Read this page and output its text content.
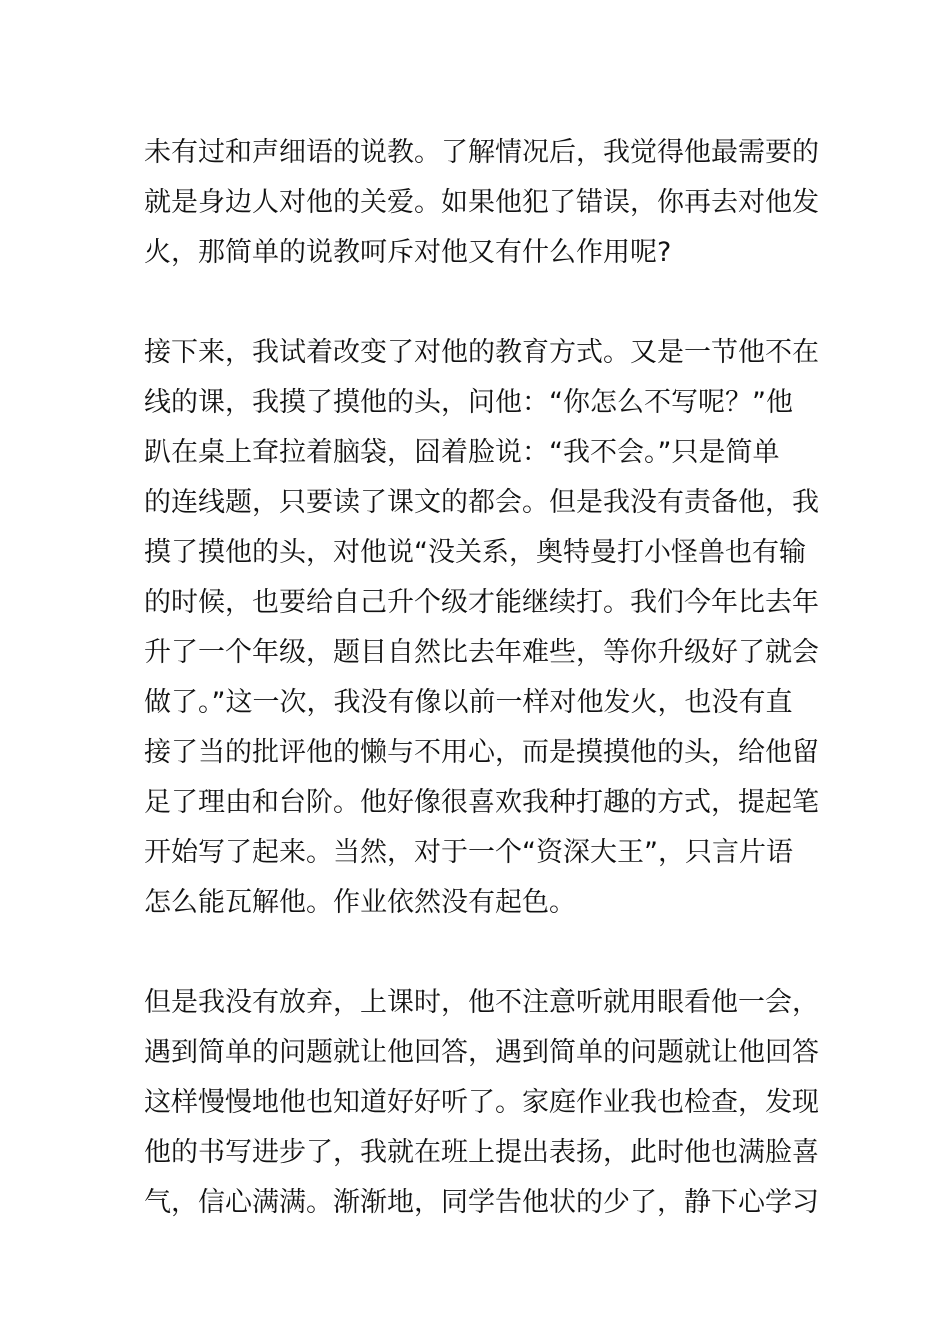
未有过和声细语的说教。了解情况后，我觉得他最需要的
就是身边人对他的关爱。如果他犯了错误，你再去对他发
火，那简单的说教呵斥对他又有什么作用呢?
接下来，我试着改变了对他的教育方式。又是一节他不在
线的课，我摸了摸他的头，问他：“你怎么不写呢？”他
趴在桌上耷拉着脑袋，囧着脸说：“我不会。”只是简单
的连线题，只要读了课文的都会。但是我没有责备他，我
摸了摸他的头，对他说“没关系，奥特曼打小怪兽也有输
的时候，也要给自己升个级才能继续打。我们今年比去年
升了一个年级，题目自然比去年难些，等你升级好了就会
做了。”这一次，我没有像以前一样对他发火，也没有直
接了当的批评他的懒与不用心，而是摸摸他的头，给他留
足了理由和台阶。他好像很喜欢我种打趣的方式，提起笔
开始写了起来。当然，对于一个“资深大王”，只言片语
怎么能瓦解他。作业依然没有起色。
但是我没有放弃，上课时，他不注意听就用眼看他一会，
遇到简单的问题就让他回答，遇到简单的问题就让他回答
这样慢慢地他也知道好好听了。家庭作业我也检查，发现
他的书写进步了，我就在班上提出表扬，此时他也满脸喜
气，信心满满。渐渐地，同学告他状的少了，静下心学习
